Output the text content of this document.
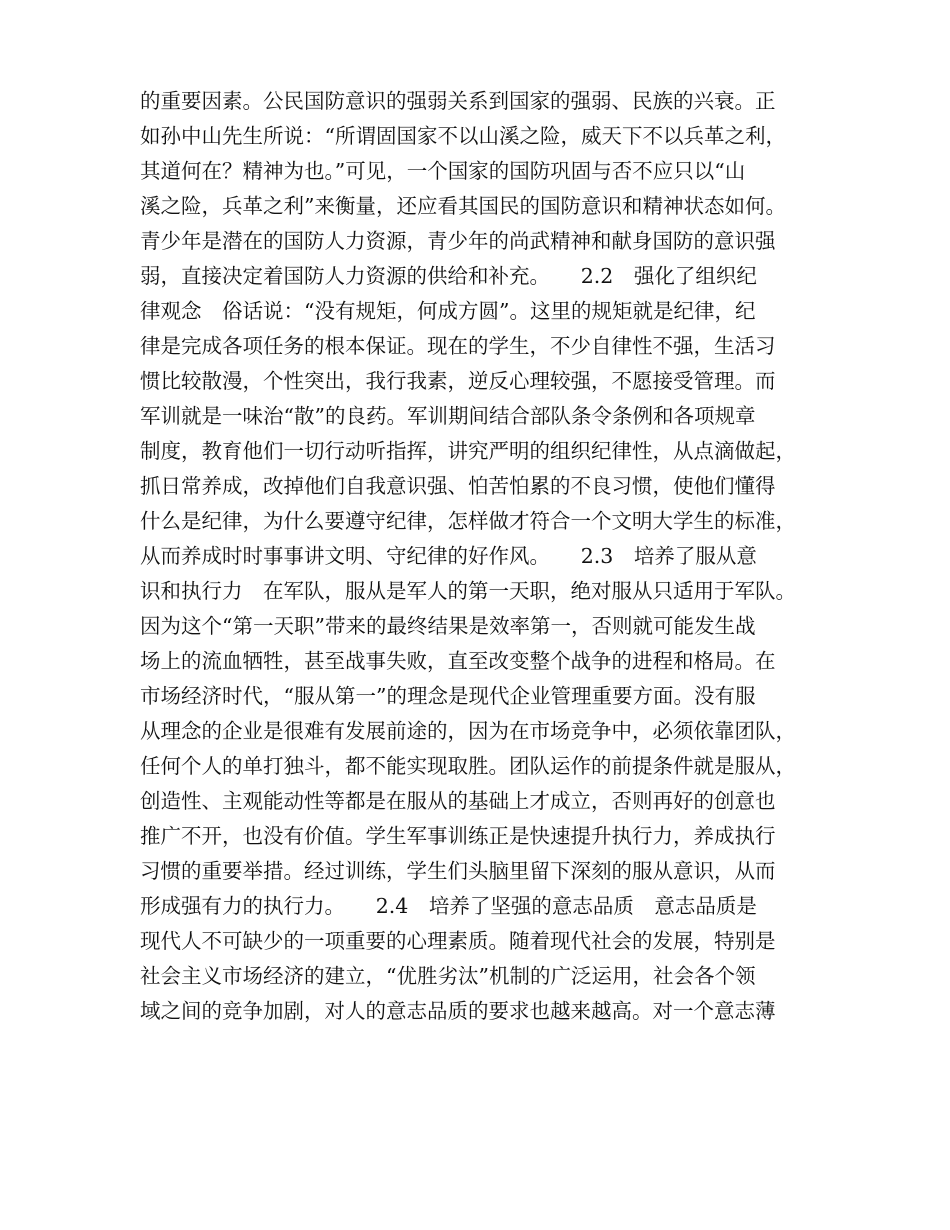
的重要因素。公民国防意识的强弱关系到国家的强弱、民族的兴衰。正
如孙中山先生所说：“所谓固国家不以山溪之险，威天下不以兵革之利，
其道何在？精神为也。”可见，一个国家的国防巩固与否不应只以“山
溪之险，兵革之利”来衡量，还应看其国民的国防意识和精神状态如何。
青少年是潜在的国防人力资源，青少年的尚武精神和献身国防的意识强
弱，直接决定着国防人力资源的供给和补充。　　2.2　强化了组织纪
律观念　俗话说：“没有规矩，何成方圆”。这里的规矩就是纪律，纪
律是完成各项任务的根本保证。现在的学生，不少自律性不强，生活习
惯比较散漫，个性突出，我行我素，逆反心理较强，不愿接受管理。而
军训就是一味治“散”的良药。军训期间结合部队条令条例和各项规章
制度，教育他们一切行动听指挥，讲究严明的组织纪律性，从点滴做起，
抓日常养成，改掉他们自我意识强、怕苦怕累的不良习惯，使他们懂得
什么是纪律，为什么要遵守纪律，怎样做才符合一个文明大学生的标准，
从而养成时时事事讲文明、守纪律的好作风。　　2.3　培养了服从意
识和执行力　在军队，服从是军人的第一天职，绝对服从只适用于军队。
因为这个“第一天职”带来的最终结果是效率第一，否则就可能发生战
场上的流血牺牲，甚至战事失败，直至改变整个战争的进程和格局。在
市场经济时代，“服从第一”的理念是现代企业管理重要方面。没有服
从理念的企业是很难有发展前途的，因为在市场竞争中，必须依靠团队，
任何个人的单打独斗，都不能实现取胜。团队运作的前提条件就是服从，
创造性、主观能动性等都是在服从的基础上才成立，否则再好的创意也
推广不开，也没有价值。学生军事训练正是快速提升执行力，养成执行
习惯的重要举措。经过训练，学生们头脑里留下深刻的服从意识，从而
形成强有力的执行力。　　2.4　培养了坚强的意志品质　意志品质是
现代人不可缺少的一项重要的心理素质。随着现代社会的发展，特别是
社会主义市场经济的建立，“优胜劣汰”机制的广泛运用，社会各个领
域之间的竞争加剧，对人的意志品质的要求也越来越高。对一个意志薄
